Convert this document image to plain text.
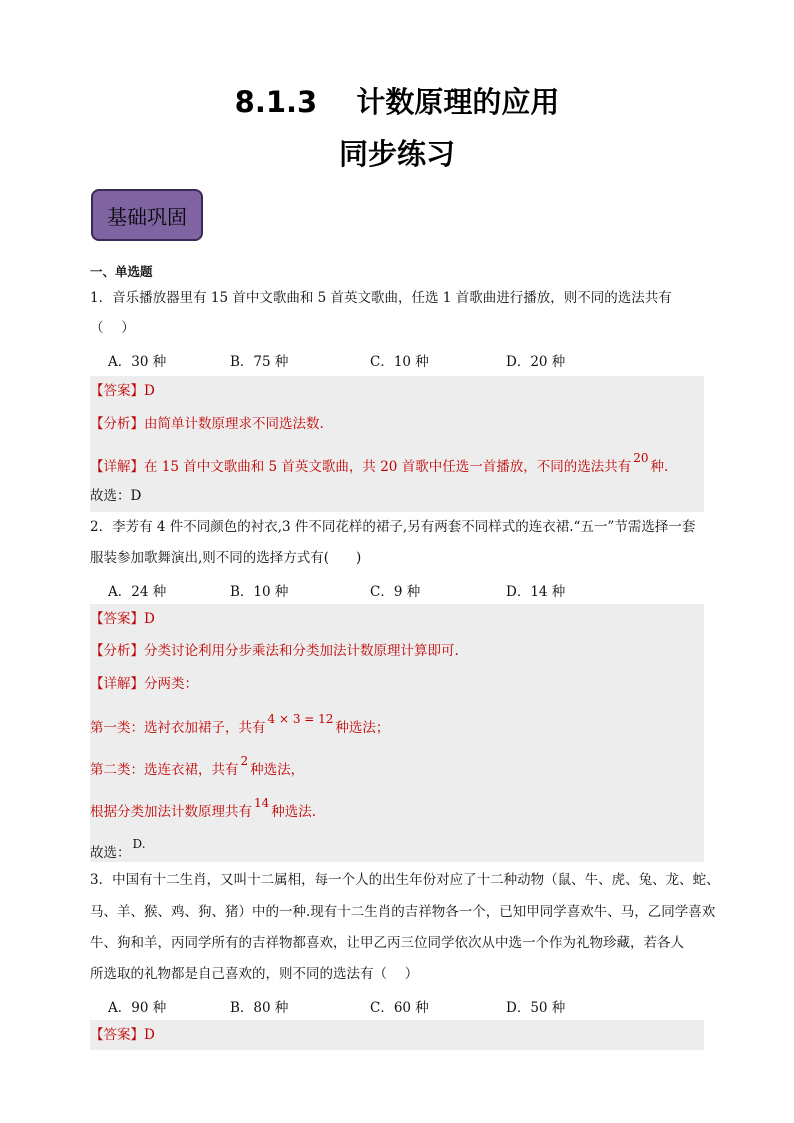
8.1.3　 计数原理的应用
同步练习
基础巩固
一、单选题
1．音乐播放器里有 15 首中文歌曲和 5 首英文歌曲，任选 1 首歌曲进行播放，则不同的选法共有
（　 ）
A．30 种	B．75 种	C．10 种	D．20 种
【答案】D
【分析】由简单计数原理求不同选法数.
【详解】在 15 首中文歌曲和 5 首英文歌曲，共 20 首歌中任选一首播放，不同的选法共有20种.
故选：D
2．李芳有 4 件不同颜色的衬衣,3 件不同花样的裙子,另有两套不同样式的连衣裙.“五一”节需选择一套
服装参加歌舞演出,则不同的选择方式有(　　)
A．24 种	B．10 种	C．9 种	D．14 种
【答案】D
【分析】分类讨论利用分步乘法和分类加法计数原理计算即可.
【详解】分两类：
第一类：选衬衣加裙子，共有4 × 3 = 12种选法；
第二类：选连衣裙，共有2种选法，
根据分类加法计数原理共有14种选法.
故选：D.
3．中国有十二生肖，又叫十二属相，每一个人的出生年份对应了十二种动物（鼠、牛、虎、兔、龙、蛇、
马、羊、猴、鸡、狗、猪）中的一种.现有十二生肖的吉祥物各一个，已知甲同学喜欢牛、马，乙同学喜欢
牛、狗和羊，丙同学所有的吉祥物都喜欢，让甲乙丙三位同学依次从中选一个作为礼物珍藏，若各人
所选取的礼物都是自己喜欢的，则不同的选法有（　 ）
A．90 种	B．80 种	C．60 种	D．50 种
【答案】D
